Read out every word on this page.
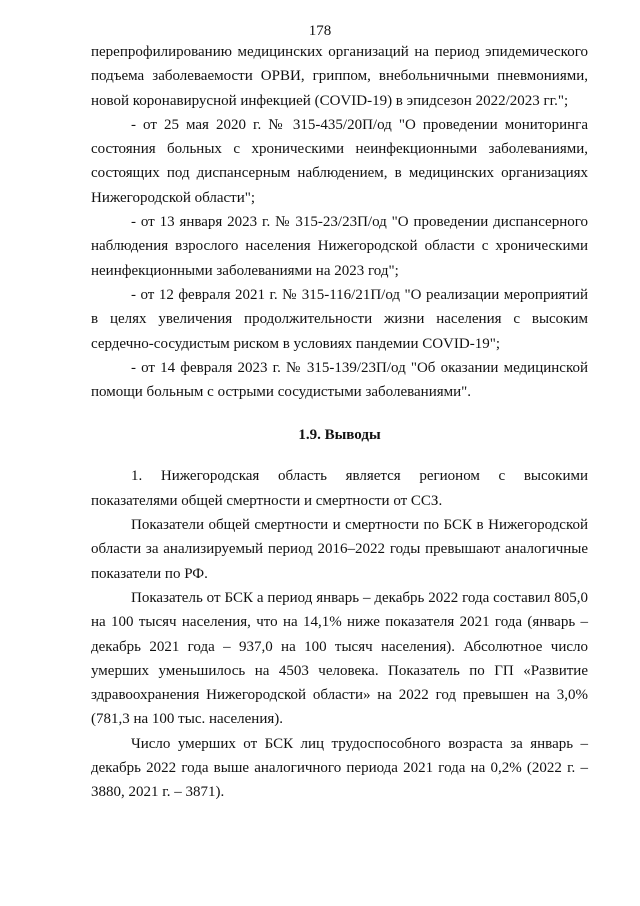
178

перепрофилированию медицинских организаций на период эпидемического подъема заболеваемости ОРВИ, гриппом, внебольничными пневмониями, новой коронавирусной инфекцией (COVID-19) в эпидсезон 2022/2023 гг.";

- от 25 мая 2020 г. № 315-435/20П/од "О проведении мониторинга состояния больных с хроническими неинфекционными заболеваниями, состоящих под диспансерным наблюдением, в медицинских организациях Нижегородской области";

- от 13 января 2023 г. № 315-23/23П/од "О проведении диспансерного наблюдения взрослого населения Нижегородской области с хроническими неинфекционными заболеваниями на 2023 год";

- от 12 февраля 2021 г. № 315-116/21П/од "О реализации мероприятий в целях увеличения продолжительности жизни населения с высоким сердечно-сосудистым риском в условиях пандемии COVID-19";

- от 14 февраля 2023 г. № 315-139/23П/од "Об оказании медицинской помощи больным с острыми сосудистыми заболеваниями".

1.9. Выводы

1. Нижегородская область является регионом с высокими показателями общей смертности и смертности от ССЗ.

Показатели общей смертности и смертности по БСК в Нижегородской области за анализируемый период 2016–2022 годы превышают аналогичные показатели по РФ.

Показатель от БСК а период январь – декабрь 2022 года составил 805,0 на 100 тысяч населения, что на 14,1% ниже показателя 2021 года (январь – декабрь 2021 года – 937,0 на 100 тысяч населения). Абсолютное число умерших уменьшилось на 4503 человека. Показатель по ГП «Развитие здравоохранения Нижегородской области» на 2022 год превышен на 3,0% (781,3 на 100 тыс. населения).

Число умерших от БСК лиц трудоспособного возраста за январь – декабрь 2022 года выше аналогичного периода 2021 года на 0,2% (2022 г. – 3880, 2021 г. – 3871).
